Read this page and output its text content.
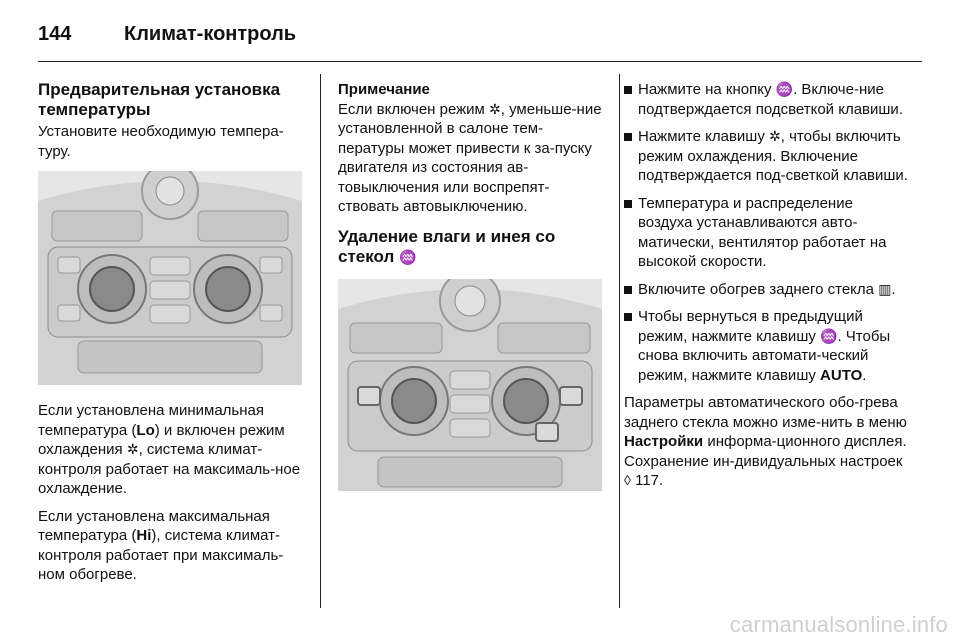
144	Климат-контроль
Предварительная установка
температуры

Установите необходимую темпера-туру.

Если установлена минимальная температура (Lo) и включен режим охлаждения ✲, система климат-контроля работает на максималь-ное охлаждение.

Если установлена максимальная температура (Hi), система климат-контроля работает при максималь-ном обогреве.

Примечание

Если включен режим ✲, уменьше-ние установленной в салоне тем-пературы может привести к за-пуску двигателя из состояния ав-товыключения или воспрепят-ствовать автовыключению.

Удаление влаги и инея со стекол ♒
Нажмите на кнопку ♒. Включе-ние подтверждается подсветкой клавиши.
Нажмите клавишу ✲, чтобы включить режим охлаждения. Включение подтверждается под-светкой клавиши.
Температура и распределение воздуха устанавливаются авто-матически, вентилятор работает на высокой скорости.
Включите обогрев заднего стекла ▥.
Чтобы вернуться в предыдущий режим, нажмите клавишу ♒. Чтобы снова включить автомати-ческий режим, нажмите клавишу AUTO.

Параметры автоматического обо-грева заднего стекла можно изме-нить в меню Настройки информа-ционного дисплея. Сохранение ин-дивидуальных настроек ◊ 117.

carmanualsonline.info
